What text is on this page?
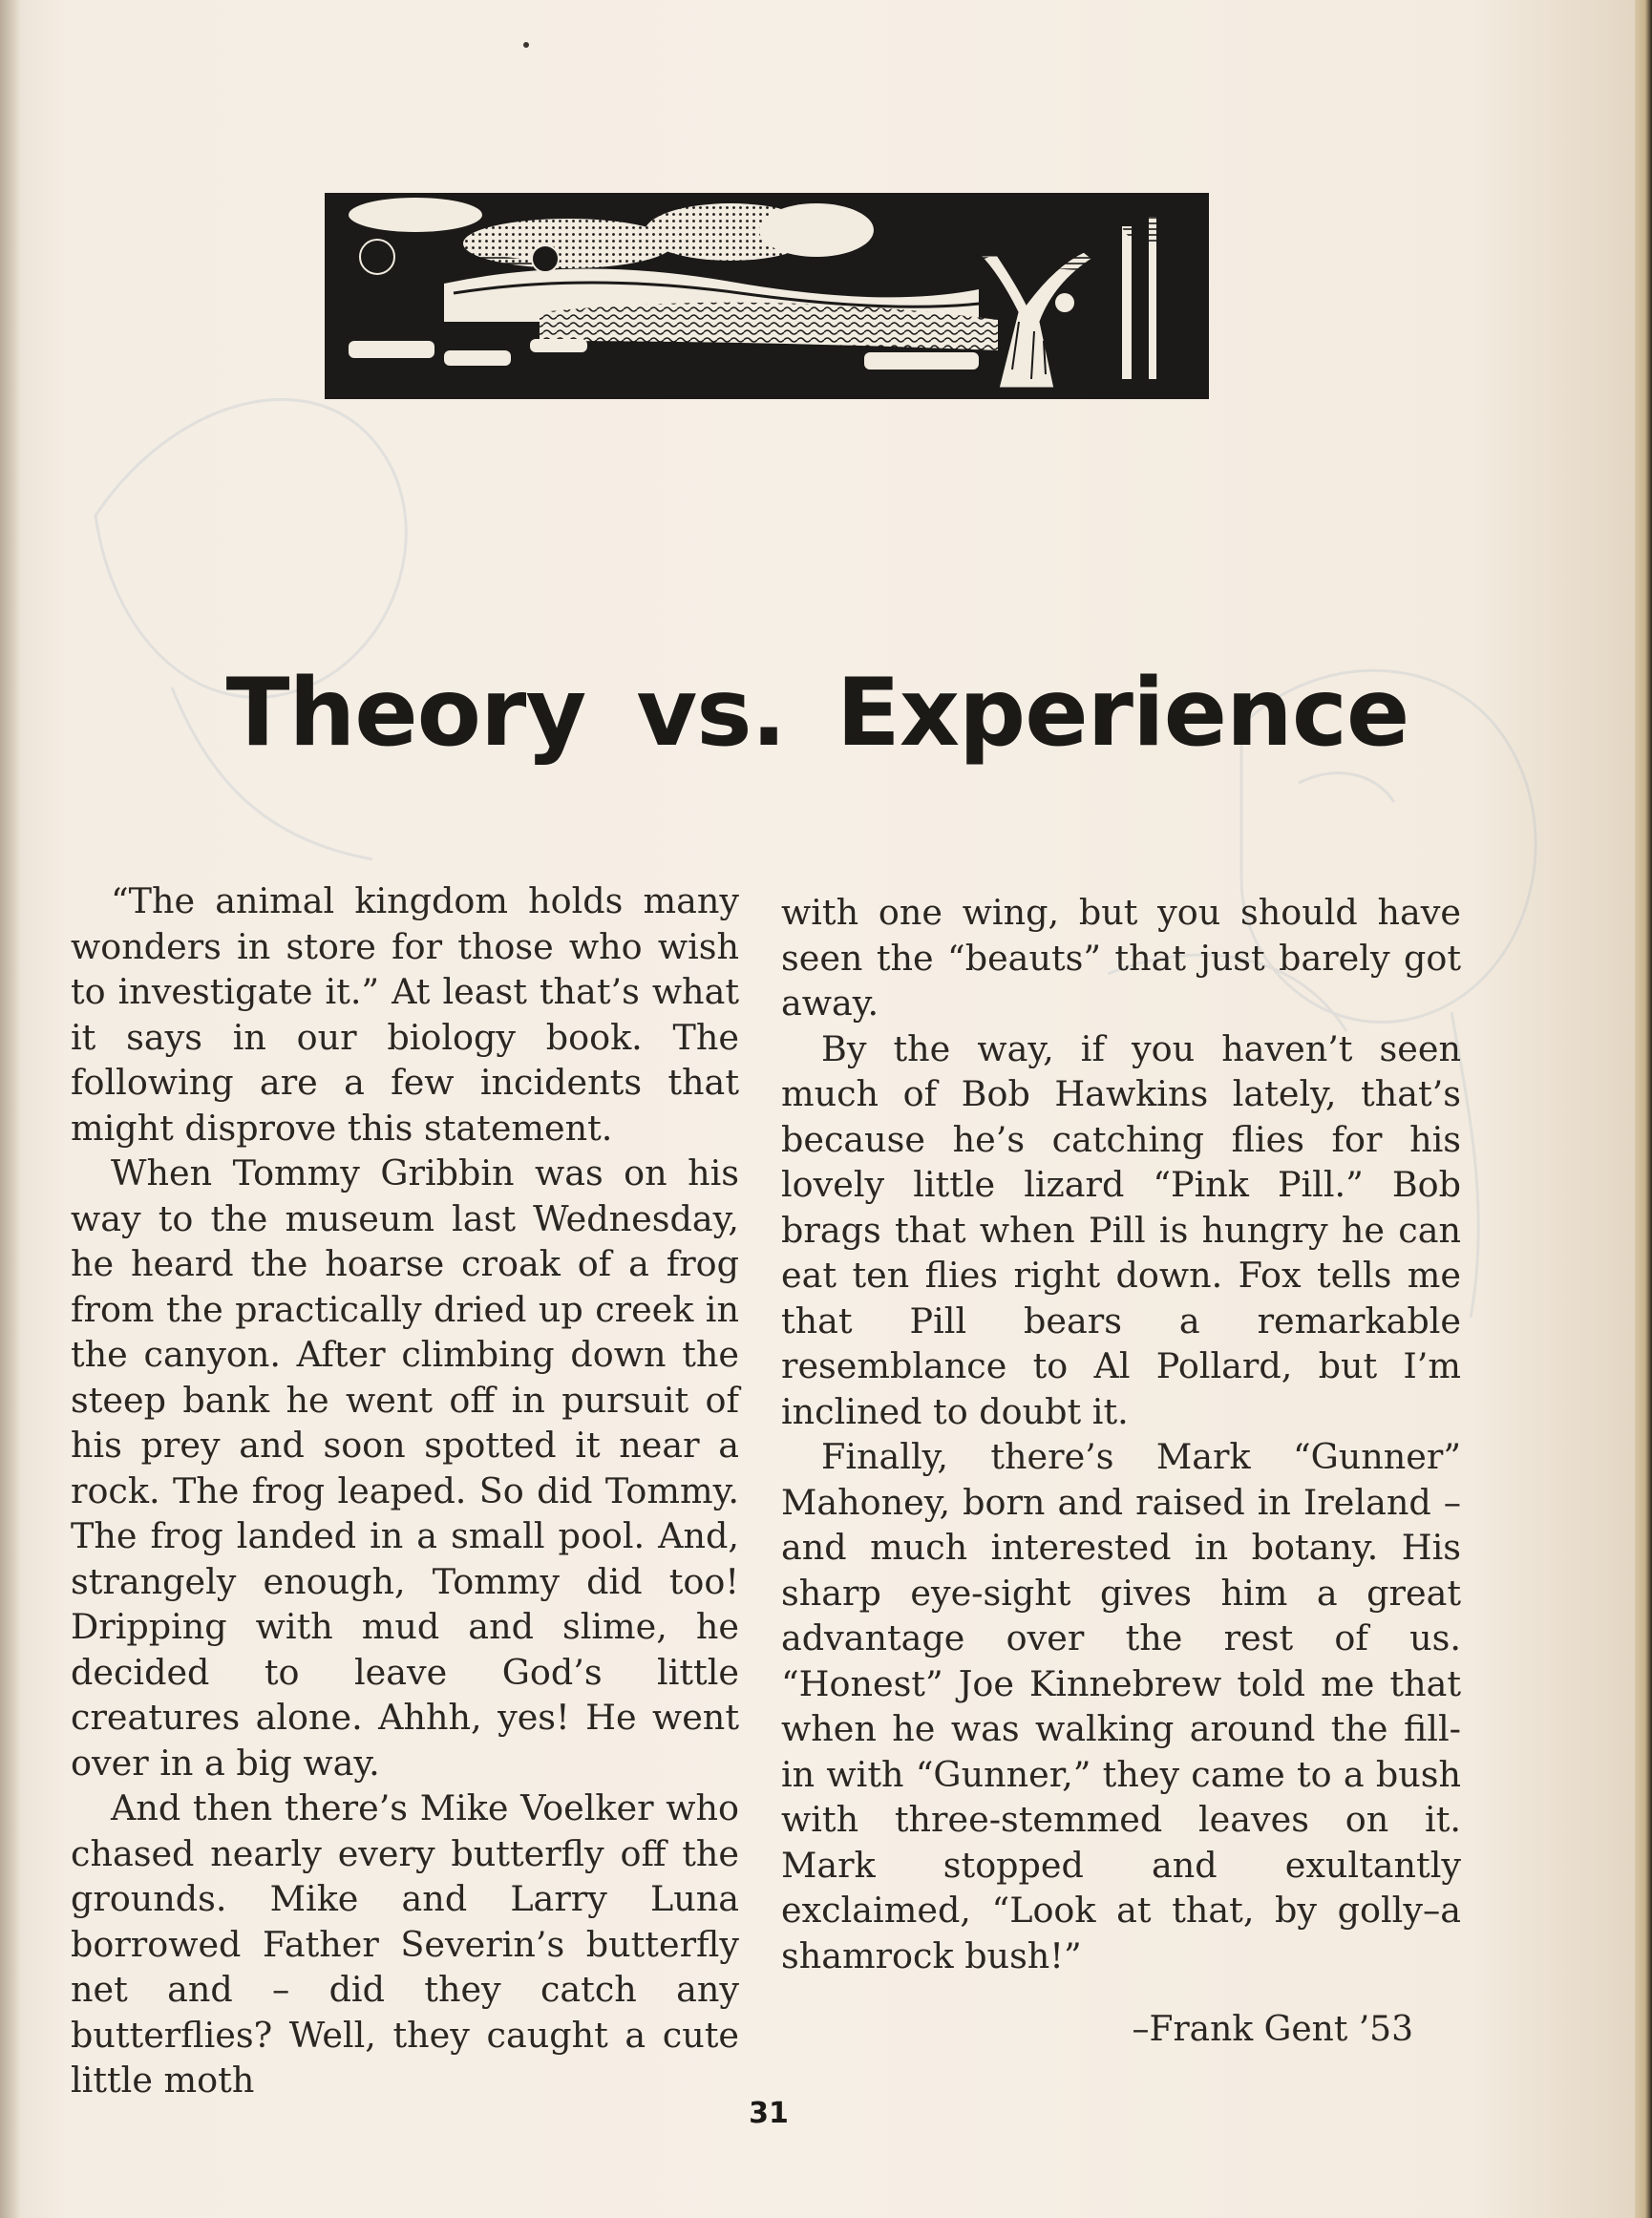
Theory vs. Experience

“The animal kingdom holds many wonders in store for those who wish to investigate it.” At least that’s what it says in our biology book. The following are a few incidents that might disprove this statement.

When Tommy Gribbin was on his way to the museum last Wednesday, he heard the hoarse croak of a frog from the practically dried up creek in the canyon. After climbing down the steep bank he went off in pursuit of his prey and soon spotted it near a rock. The frog leaped. So did Tommy. The frog landed in a small pool. And, strangely enough, Tommy did too! Dripping with mud and slime, he decided to leave God’s little creatures alone. Ahhh, yes! He went over in a big way.

And then there’s Mike Voelker who chased nearly every butterfly off the grounds. Mike and Larry Luna borrowed Father Severin’s butterfly net and – did they catch any butterflies? Well, they caught a cute little moth

with one wing, but you should have seen the “beauts” that just barely got away.

By the way, if you haven’t seen much of Bob Hawkins lately, that’s because he’s catching flies for his lovely little lizard “Pink Pill.” Bob brags that when Pill is hungry he can eat ten flies right down. Fox tells me that Pill bears a remarkable resemblance to Al Pollard, but I’m inclined to doubt it.

Finally, there’s Mark “Gunner” Mahoney, born and raised in Ireland – and much interested in botany. His sharp eye-sight gives him a great advantage over the rest of us. “Honest” Joe Kinnebrew told me that when he was walking around the fill-in with “Gunner,” they came to a bush with three-stemmed leaves on it. Mark stopped and exultantly exclaimed, “Look at that, by golly–a shamrock bush!”

–Frank Gent ’53
31
